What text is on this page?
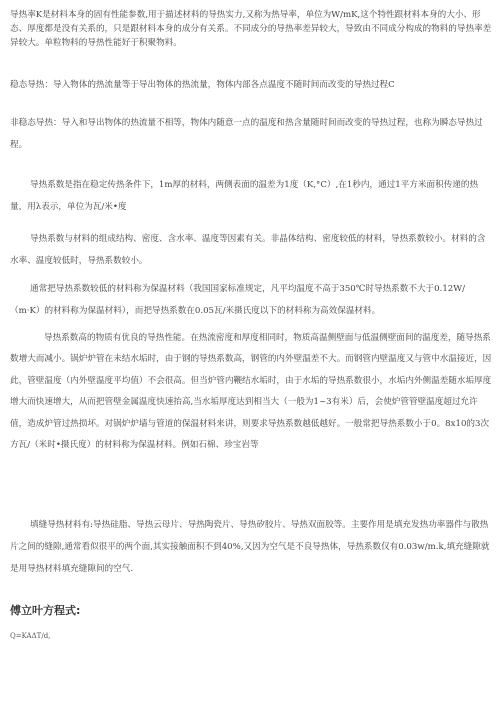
导热率K是材料本身的固有性能参数,用于描述材料的导热实力,又称为热导率，单位为W/mK,这个特性跟材料本身的大小、形态、厚度都是没有关系的，只是跟材料本身的成分有关系。不同成分的导热率差异较大，导致由不同成分构成的物料的导热率差异较大。单粒物料的导热性能好于积聚物料。

稳态导热：导入物体的热流量等于导出物体的热流量，物体内部各点温度不随时间而改变的导热过程C

非稳态导热：导入和导出物体的热流量不相等，物体内随意一点的温度和热含量随时间而改变的导热过程，也称为瞬态导热过程。

导热系数是指在稳定传热条件下，1m厚的材料，两侧表面的温差为1度（K,°C）,在1秒内，通过1平方米面积传递的热量，用λ表示，单位为瓦/米•度

导热系数与材料的组成结构、密度、含水率、温度等因素有关。非晶体结构、密度较低的材料，导热系数较小。材料的含水率、温度较低时，导热系数较小。

通常把导热系数较低的材料称为保温材料（我国国家标准规定，凡平均温度不高于350℃时导热系数不大于0.12W/（m·K）的材料称为保温材料），而把导热系数在0.05瓦/米摄氏度以下的材料称为高效保温材料。

导热系数高的物质有优良的导热性能。在热流密度和厚度相同时，物质高温侧壁面与低温侧壁面间的温度差，随导热系数增大而减小。锅炉炉管在未结水垢时，由于钢的导热系数高，钢管的内外壁温差不大。而钢管内壁温度又与管中水温接近，因此，管壁温度（内外壁温度平均值）不会很高。但当炉管内鞭结水垢时，由于水垢的导热系数很小，水垢内外侧温差随水垢厚度增大而快速增大，从而把管壁金属温度快速抬高,当水垢厚度达到相当大（一般为1~3有米）后，会使炉管管壁温度超过允许值，造成炉管过热损坏。对锅炉炉墙与管道的保温材料来讲，则要求导热系数越低越好。一般常把导热系数小于0。8x10的3次方瓦/（米时•摄氏度）的材料称为保温材料。例如石棉、珍宝岩等

填缝导热材料有:导热硅脂、导热云母片、导热陶瓷片、导热矽胶片、导热双面胶等。主要作用是填充发热功率器件与散热片之间的缝隙,通常看似很平的两个面,其实接触面积不到40%,又因为空气是不良导热体，导热系数仅有0.03w/m.k,填充缝隙就是用导热材料填充缝隙间的空气.

傅立叶方程式:

Q=KAΔT/d,
